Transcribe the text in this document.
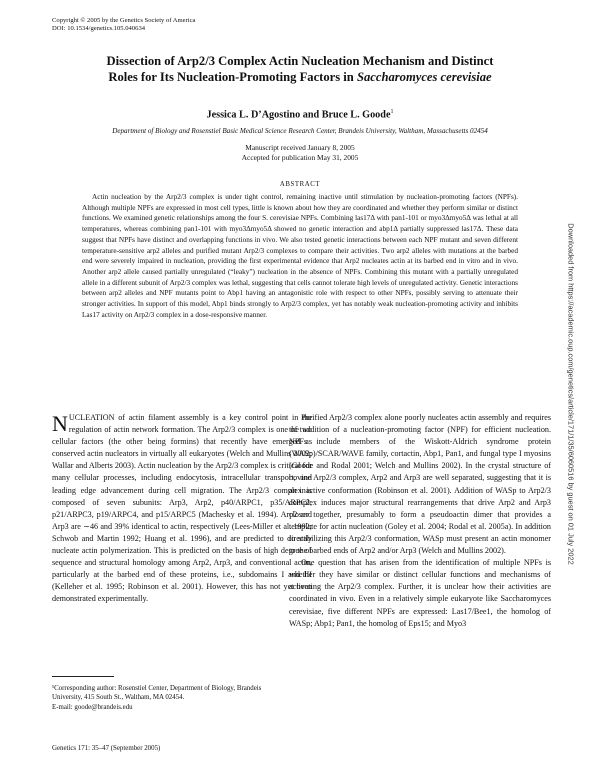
Copyright © 2005 by the Genetics Society of America
DOI: 10.1534/genetics.105.040634
Dissection of Arp2/3 Complex Actin Nucleation Mechanism and Distinct
Roles for Its Nucleation-Promoting Factors in Saccharomyces cerevisiae
Jessica L. D’Agostino and Bruce L. Goode$^1$
Department of Biology and Rosenstiel Basic Medical Science Research Center, Brandeis University, Waltham, Massachusetts 02454
Manuscript received January 8, 2005
Accepted for publication May 31, 2005
ABSTRACT

Actin nucleation by the Arp2/3 complex is under tight control, remaining inactive until stimulation by nucleation-promoting factors (NPFs). Although multiple NPFs are expressed in most cell types, little is known about how they are coordinated and whether they perform similar or distinct functions. We examined genetic relationships among the four S. cerevisiae NPFs. Combining las17Δ with pan1-101 or myo3Δmyo5Δ was lethal at all temperatures, whereas combining pan1-101 with myo3Δmyo5Δ showed no genetic interaction and abp1Δ partially suppressed las17Δ. These data suggest that NPFs have distinct and overlapping functions in vivo. We also tested genetic interactions between each NPF mutant and seven different temperature-sensitive arp2 alleles and purified mutant Arp2/3 complexes to compare their activities. Two arp2 alleles with mutations at the barbed end were severely impaired in nucleation, providing the first experimental evidence that Arp2 nucleates actin at its barbed end in vitro and in vivo. Another arp2 allele caused partially unregulated (“leaky”) nucleation in the absence of NPFs. Combining this mutant with a partially unregulated allele in a different subunit of Arp2/3 complex was lethal, suggesting that cells cannot tolerate high levels of unregulated activity. Genetic interactions between arp2 alleles and NPF mutants point to Abp1 having an antagonistic role with respect to other NPFs, possibly serving to attenuate their stronger activities. In support of this model, Abp1 binds strongly to Arp2/3 complex, yet has notably weak nucleation-promoting activity and inhibits Las17 activity on Arp2/3 complex in a dose-responsive manner.	Downloaded from https://academic.oup.com/genetics/article/171/1/35/6060516 by guest on 01 July 2022

NUCLEATION of actin filament assembly is a key control point in the regulation of actin network formation. The Arp2/3 complex is one of two cellular factors (the other being formins) that recently have emerged as conserved actin nucleators in virtually all eukaryotes (Welch and Mullins 2002; Wallar and Alberts 2003). Actin nucleation by the Arp2/3 complex is critical for many cellular processes, including endocytosis, intracellular transport, and leading edge advancement during cell migration. The Arp2/3 complex is composed of seven subunits: Arp3, Arp2, p40/ARPC1, p35/ARPC2, p21/ARPC3, p19/ARPC4, and p15/ARPC5 (Machesky et al. 1994). Arp2 and Arp3 are ∼46 and 39% identical to actin, respectively (Lees-Miller et al. 1992; Schwob and Martin 1992; Huang et al. 1996), and are predicted to directly nucleate actin polymerization. This is predicted on the basis of high degree of sequence and structural homology among Arp2, Arp3, and conventional actin, particularly at the barbed end of these proteins, i.e., subdomains I and III (Kelleher et al. 1995; Robinson et al. 2001). However, this has not yet been demonstrated experimentally.

Purified Arp2/3 complex alone poorly nucleates actin assembly and requires the addition of a nucleation-promoting factor (NPF) for efficient nucleation. NPFs include members of the Wiskott-Aldrich syndrome protein (WASp)/SCAR/WAVE family, cortactin, Abp1, Pan1, and fungal type I myosins (Goode and Rodal 2001; Welch and Mullins 2002). In the crystal structure of bovine Arp2/3 complex, Arp2 and Arp3 are well separated, suggesting that it is an inactive conformation (Robinson et al. 2001). Addition of WASp to Arp2/3 complex induces major structural rearrangements that drive Arp2 and Arp3 closer together, presumably to form a pseudoactin dimer that provides a template for actin nucleation (Goley et al. 2004; Rodal et al. 2005a). In addition to stabilizing this Arp2/3 conformation, WASp must present an actin monomer to the barbed ends of Arp2 and/or Arp3 (Welch and Mullins 2002).

One question that has arisen from the identification of multiple NPFs is whether they have similar or distinct cellular functions and mechanisms of activating the Arp2/3 complex. Further, it is unclear how their activities are coordinated in vivo. Even in a relatively simple eukaryote like Saccharomyces cerevisiae, five different NPFs are expressed: Las17/Bee1, the homolog of WASp; Abp1; Pan1, the homolog of Eps15; and Myo3

¹Corresponding author: Rosenstiel Center, Department of Biology, Brandeis University, 415 South St., Waltham, MA 02454.
E-mail: goode@brandeis.edu
Genetics 171: 35–47 (September 2005)
